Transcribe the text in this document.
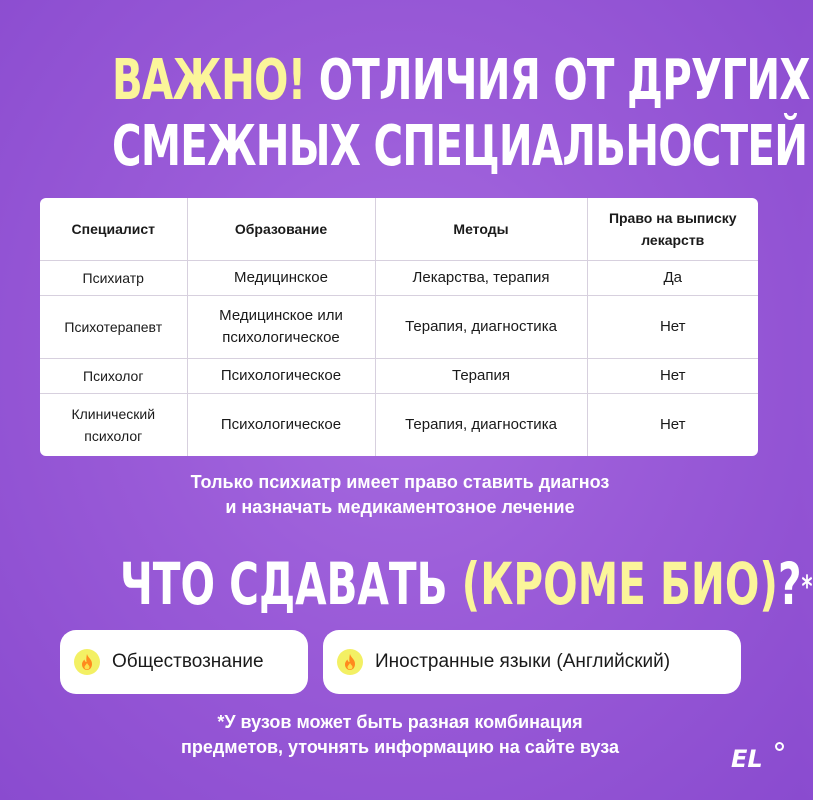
ВАЖНО! ОТЛИЧИЯ ОТ ДРУГИХ
СМЕЖНЫХ СПЕЦИАЛЬНОСТЕЙ
Специалист	Образование	Методы	Право на выписку лекарств
Психиатр	Медицинское	Лекарства, терапия	Да
Психотерапевт	Медицинское или психологическое	Терапия, диагностика	Нет
Психолог	Психологическое	Терапия	Нет
Клинический психолог	Психологическое	Терапия, диагностика	Нет
Только психиатр имеет право ставить диагноз
и назначать медикаментозное лечение
ЧТО СДАВАТЬ (КРОМЕ БИО)?*
Обществознание	Иностранные языки (Английский)
*У вузов может быть разная комбинация
предметов, уточнять информацию на сайте вуза	EL
